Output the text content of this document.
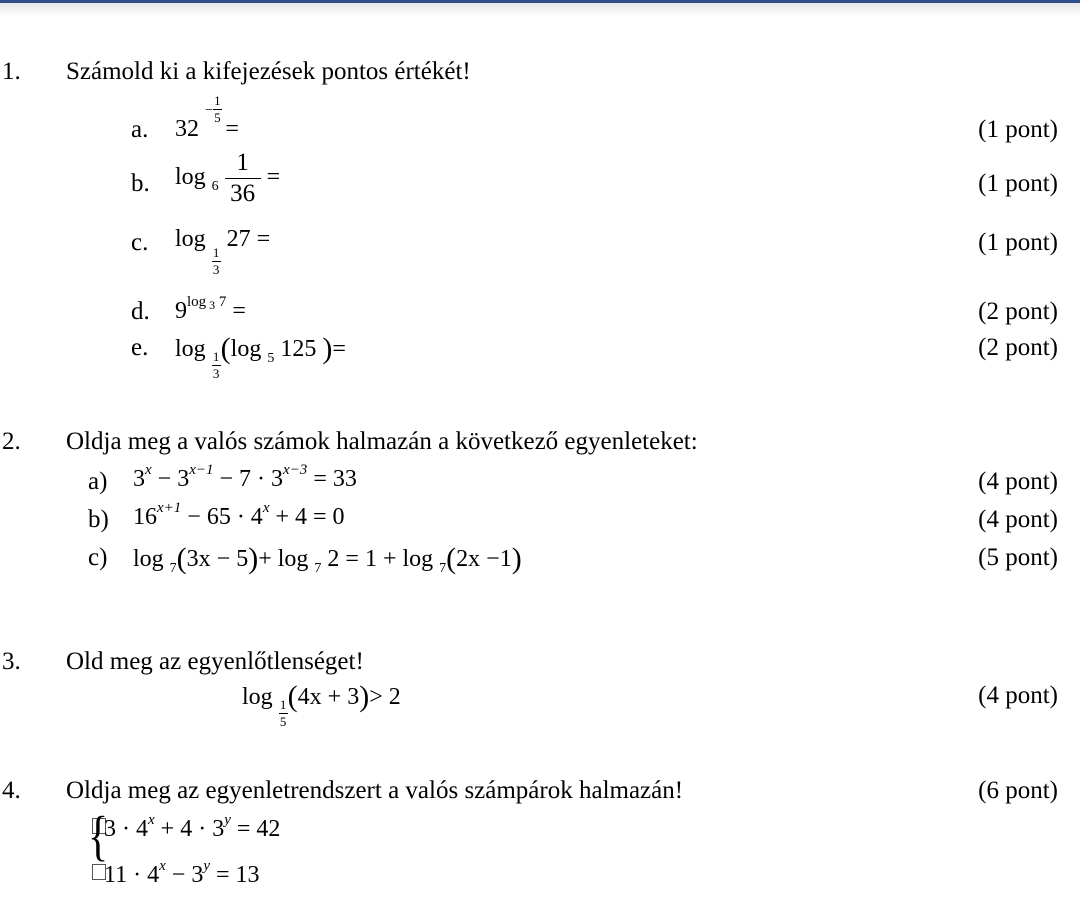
1. Számold ki a kifejezések pontos értékét!
a. 32 $^{- \frac{1}{5}}$
=	(1 pont)
b. $\log _6 \frac{1}{36}$ =	(1 pont)
c. log
$\frac{1}{3}$
27 =	(1 pont)
d. $9^{log _3 7}$ =	(2 pont)
e. log
$\frac{1}{3}$
(log $_5$ 125 )=	(2 pont)
2. Oldja meg a valós számok halmazán a következő egyenleteket:
a) $3^x - 3^{x-1} - 7 \cdot 3^{x-3} = 33$	(4 pont)
b) $16^{x+1} - 65 \cdot 4^x + 4 = 0$	(4 pont)
c) log $_7$(3x − 5)+ log $_7$ 2 = 1 + log $_7$(2x −1)	(5 pont)
3. Old meg az egyenlőtlenséget!
log
$\frac{1}{5}$
(4x + 3)> 2	(4 pont)
4. Oldja meg az egyenletrendszert a valós számpárok halmazán!	(6 pont)
{
$3 \cdot 4^x + 4 \cdot 3^y = 42$
$11 \cdot 4^x - 3^y = 13$
